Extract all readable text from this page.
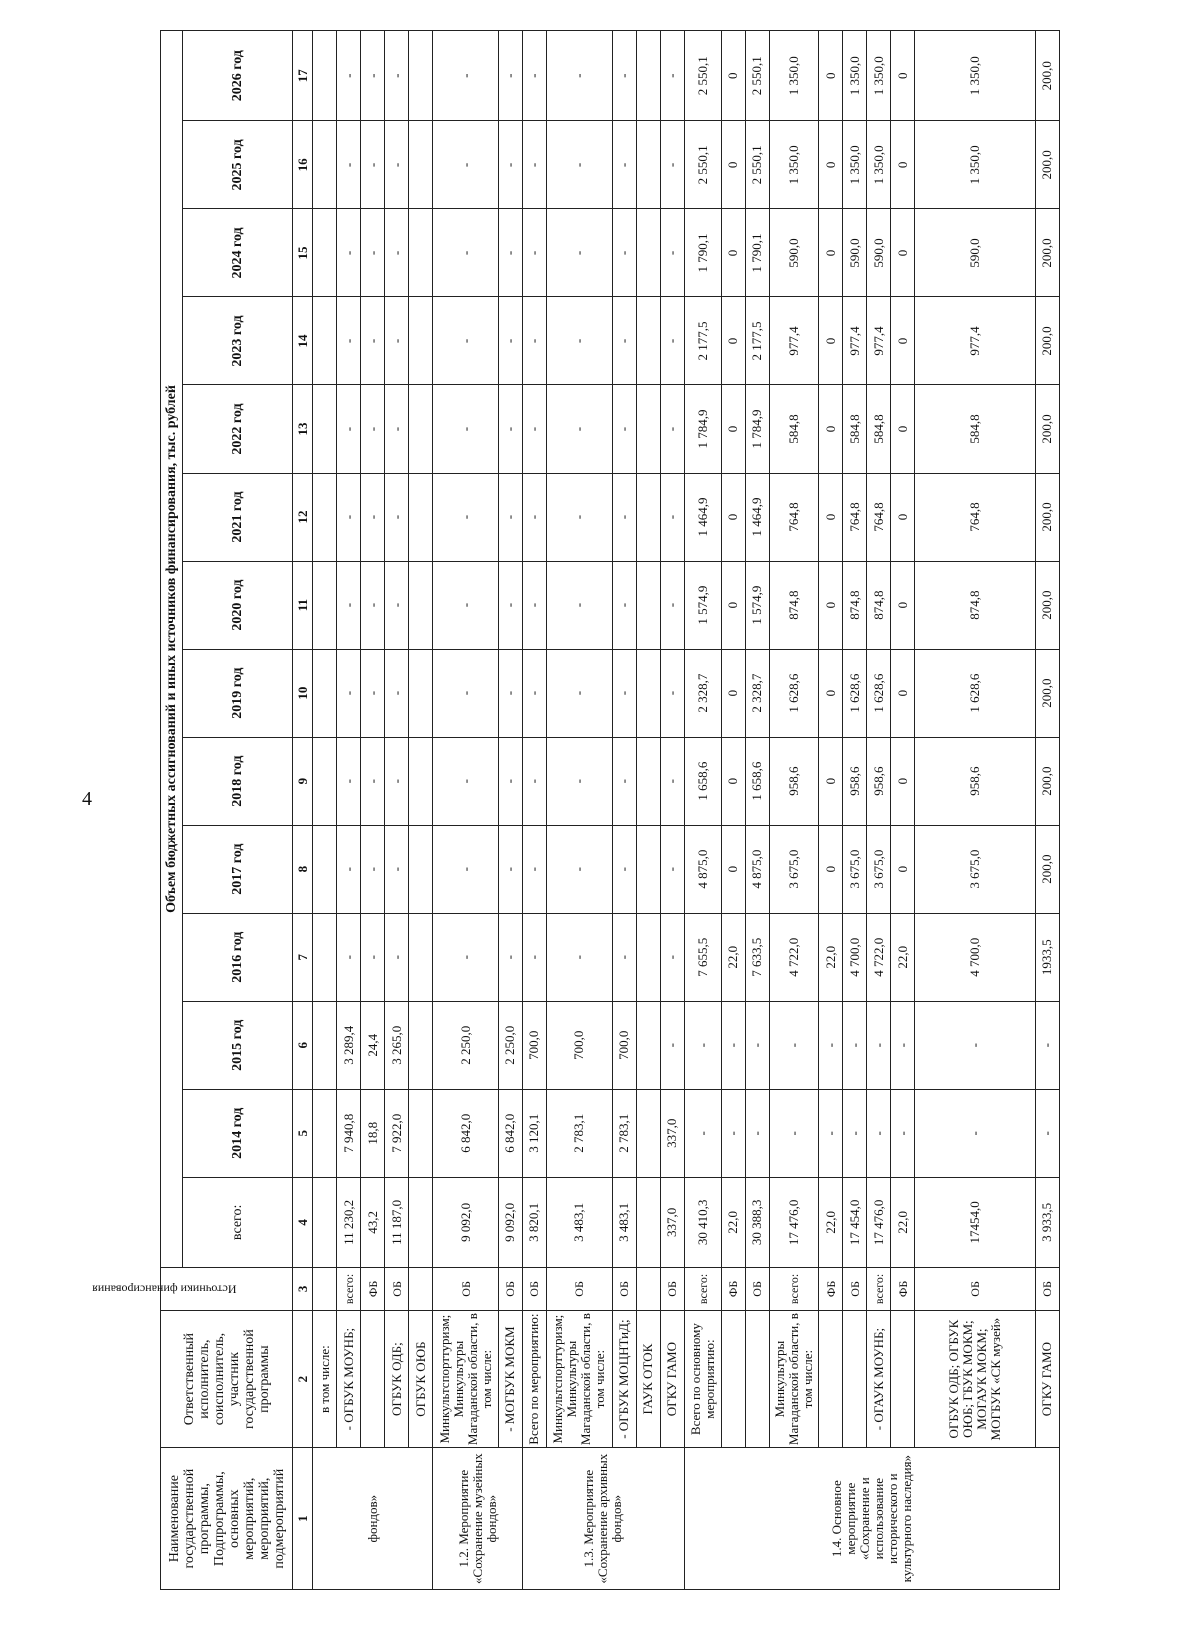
4
Наименование государственной программы, Подпрограммы, основных мероприятий, мероприятий, подмероприятий	Ответственный исполнитель, соисполнитель, участник государственной программы	Источники финансирования	Объем бюджетных ассигнований и иных источников финансирования, тыс. рублей													
			всего:	2014 год	2015 год	2016 год	2017 год	2018 год	2019 год	2020 год	2021 год	2022 год	2023 год	2024 год	2025 год	2026 год
1	2	3	4	5	6	7	8	9	10	11	12	13	14	15	16	17
фондов»	в том числе:															
	- ОГБУК МОУНБ;	всего:	11 230,2	7 940,8	3 289,4	-	-	-	-	-	-	-	-	-	-	-
		ФБ	43,2	18,8	24,4	-	-	-	-	-	-	-	-	-	-	-
	ОГБУК ОДБ;	ОБ	11 187,0	7 922,0	3 265,0	-	-	-	-	-	-	-	-	-	-	-
	ОГБУК ОЮБ															
1.2. Мероприятие «Сохранение музейных фондов»	Минкультспорттуризм; Минкультуры Магаданской области, в том числе:	ОБ	9 092,0	6 842,0	2 250,0	-	-	-	-	-	-	-	-	-	-	-
	- МОГБУК МОКМ	ОБ	9 092,0	6 842,0	2 250,0	-	-	-	-	-	-	-	-	-	-	-
1.3. Мероприятие «Сохранение архивных фондов»	Всего по мероприятию:	ОБ	3 820,1	3 120,1	700,0	-	-	-	-	-	-	-	-	-	-	-
	Минкультспорттуризм; Минкультуры Магаданской области, в том числе:	ОБ	3 483,1	2 783,1	700,0	-	-	-	-	-	-	-	-	-	-	-
	- ОГБУК МОЦНТиД;	ОБ	3 483,1	2 783,1	700,0	-	-	-	-	-	-	-	-	-	-	-
	ГАУК ОТОК															
	ОГКУ ГАМО	ОБ	337,0	337,0	-	-	-	-	-	-	-	-	-	-	-	-
1.4. Основное мероприятие «Сохранение и использование исторического и культурного наследия»	Всего по основному мероприятию:	всего:	30 410,3	-	-	7 655,5	4 875,0	1 658,6	2 328,7	1 574,9	1 464,9	1 784,9	2 177,5	1 790,1	2 550,1	2 550,1
		ФБ	22,0	-	-	22,0	0	0	0	0	0	0	0	0	0	0
		ОБ	30 388,3	-	-	7 633,5	4 875,0	1 658,6	2 328,7	1 574,9	1 464,9	1 784,9	2 177,5	1 790,1	2 550,1	2 550,1
	Минкультуры Магаданской области, в том числе:	всего:	17 476,0	-	-	4 722,0	3 675,0	958,6	1 628,6	874,8	764,8	584,8	977,4	590,0	1 350,0	1 350,0
		ФБ	22,0	-	-	22,0	0	0	0	0	0	0	0	0	0	0
		ОБ	17 454,0	-	-	4 700,0	3 675,0	958,6	1 628,6	874,8	764,8	584,8	977,4	590,0	1 350,0	1 350,0
	- ОГАУК МОУНБ;	всего:	17 476,0	-	-	4 722,0	3 675,0	958,6	1 628,6	874,8	764,8	584,8	977,4	590,0	1 350,0	1 350,0
		ФБ	22,0	-	-	22,0	0	0	0	0	0	0	0	0	0	0
	ОГБУК ОДБ; ОГБУК ОЮБ; ГБУК МОКМ; МОГАУК МОКМ; МОГБУК «СК музей»	ОБ	17454,0	-	-	4 700,0	3 675,0	958,6	1 628,6	874,8	764,8	584,8	977,4	590,0	1 350,0	1 350,0
	ОГКУ ГАМО	ОБ	3 933,5	-	-	1933,5	200,0	200,0	200,0	200,0	200,0	200,0	200,0	200,0	200,0	200,0
